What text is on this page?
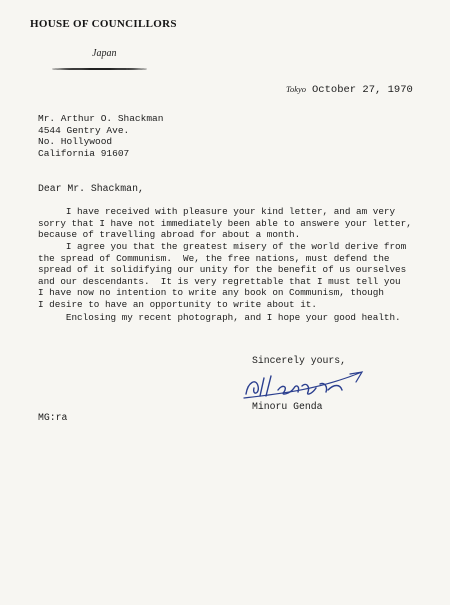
HOUSE OF COUNCILLORS
Japan
Tokyo October 27, 1970
Mr. Arthur O. Shackman
4544 Gentry Ave.
No. Hollywood
California 91607
Dear Mr. Shackman,
I have received with pleasure your kind letter, and am very
sorry that I have not immediately been able to answere your letter,
because of travelling abroad for about a month.
I agree you that the greatest misery of the world derive from
the spread of Communism.  We, the free nations, must defend the
spread of it solidifying our unity for the benefit of us ourselves
and our descendants.  It is very regrettable that I must tell you
I have now no intention to write any book on Communism, though
I desire to have an opportunity to write about it.
Enclosing my recent photograph, and I hope your good health.
Sincerely yours,
Minoru Genda
MG:ra
